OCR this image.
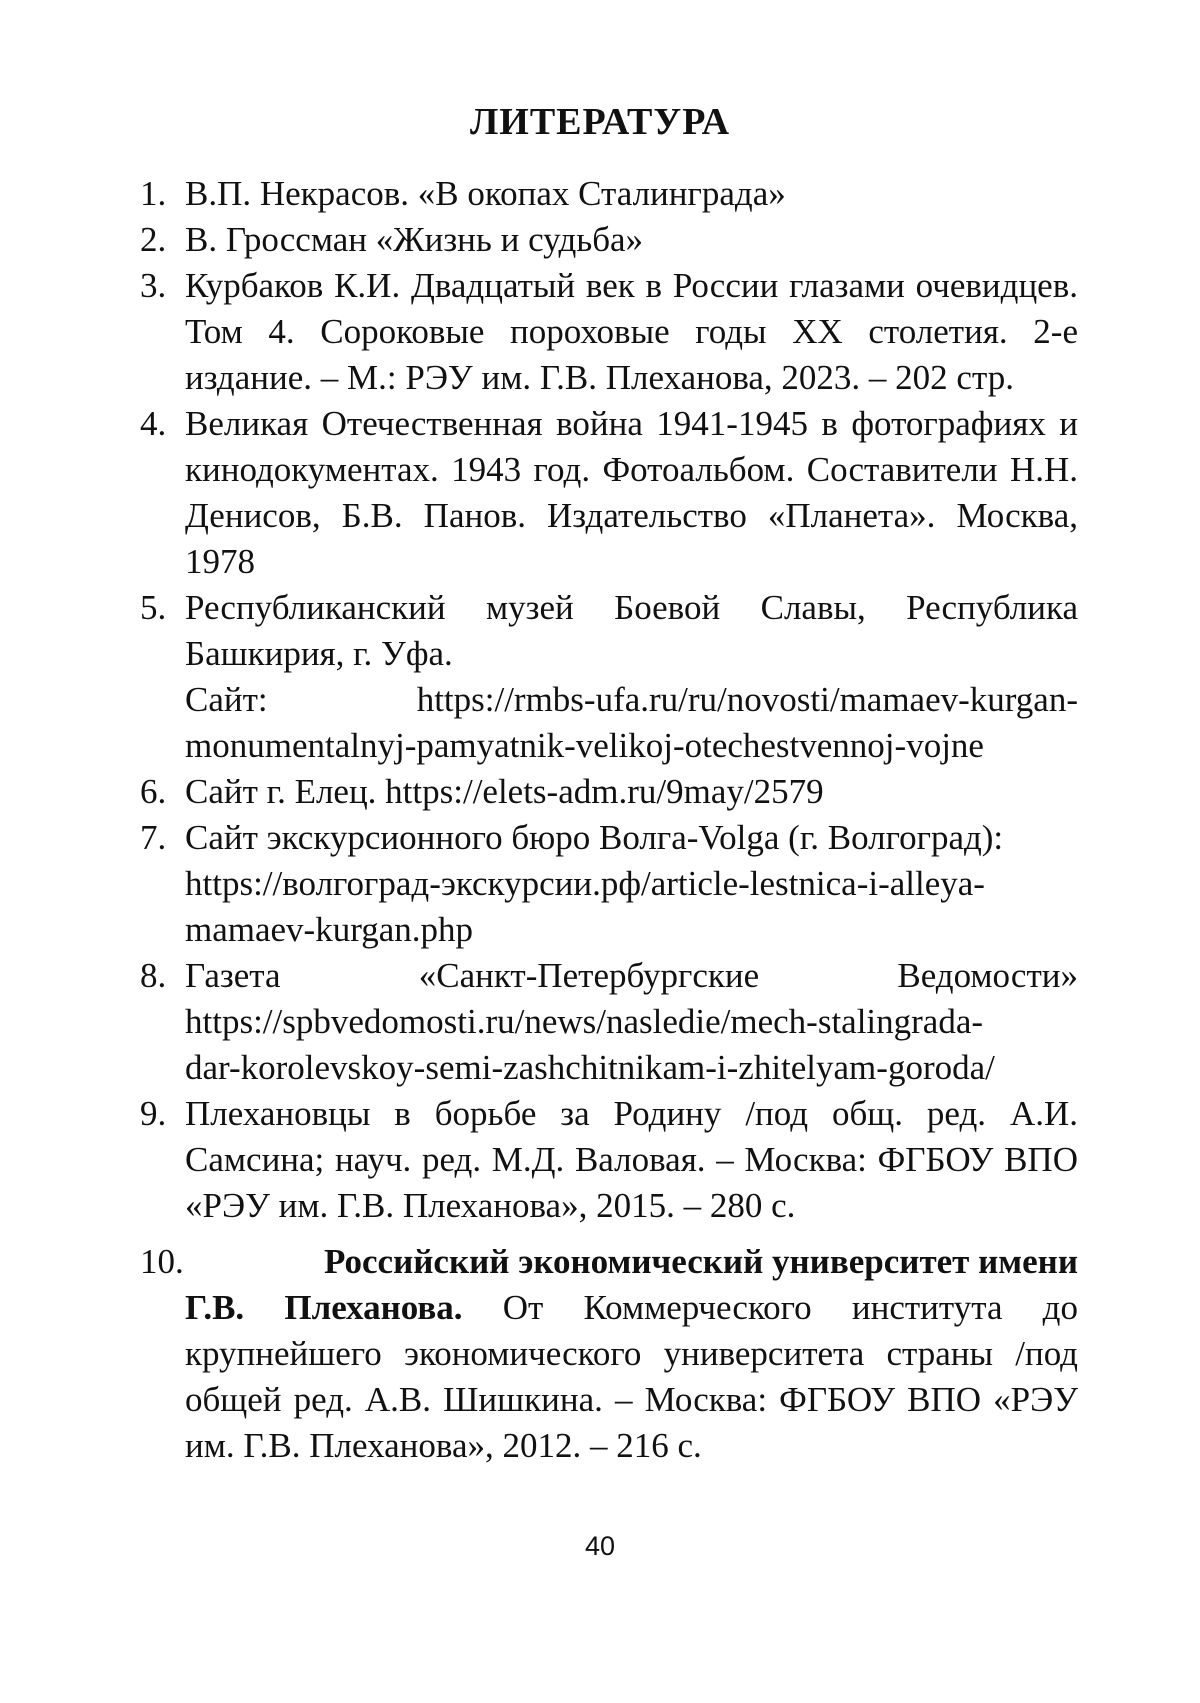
ЛИТЕРАТУРА
1. В.П. Некрасов. «В окопах Сталинграда»
2. В. Гроссман «Жизнь и судьба»
3. Курбаков К.И. Двадцатый век в России глазами очевидцев. Том 4. Сороковые пороховые годы XX столетия. 2-е издание. – М.: РЭУ им. Г.В. Плеханова, 2023. – 202 стр.
4. Великая Отечественная война 1941-1945 в фотографиях и кинодокументах. 1943 год. Фотоальбом. Составители Н.Н. Денисов, Б.В. Панов. Издательство «Планета». Москва, 1978
5. Республиканский музей Боевой Славы, Республика Башкирия, г. Уфа.
Сайт:	https://rmbs-ufa.ru/ru/novosti/mamaev-kurgan-
monumentalnyj-pamyatnik-velikoj-otechestvennoj-vojne
6. Сайт г. Елец. https://elets-adm.ru/9may/2579
7. Сайт экскурсионного бюро Волга-Volga (г. Волгоград):
https://волгоград-экскурсии.рф/article-lestnica-i-alleya-
mamaev-kurgan.php
8. Газета «Санкт-Петербургские Ведомости»
https://spbvedomosti.ru/news/nasledie/mech-stalingrada-
dar-korolevskoy-semi-zashchitnikam-i-zhitelyam-goroda/
9. Плехановцы в борьбе за Родину /под общ. ред. А.И. Самсина; науч. ред. М.Д. Валовая. – Москва: ФГБОУ ВПО «РЭУ им. Г.В. Плеханова», 2015. – 280 с.
10.	Российский экономический университет имени
Г.В. Плеханова. От Коммерческого института до крупнейшего экономического университета страны /под общей ред. А.В. Шишкина. – Москва: ФГБОУ ВПО «РЭУ им. Г.В. Плеханова», 2012. – 216 с.
40
